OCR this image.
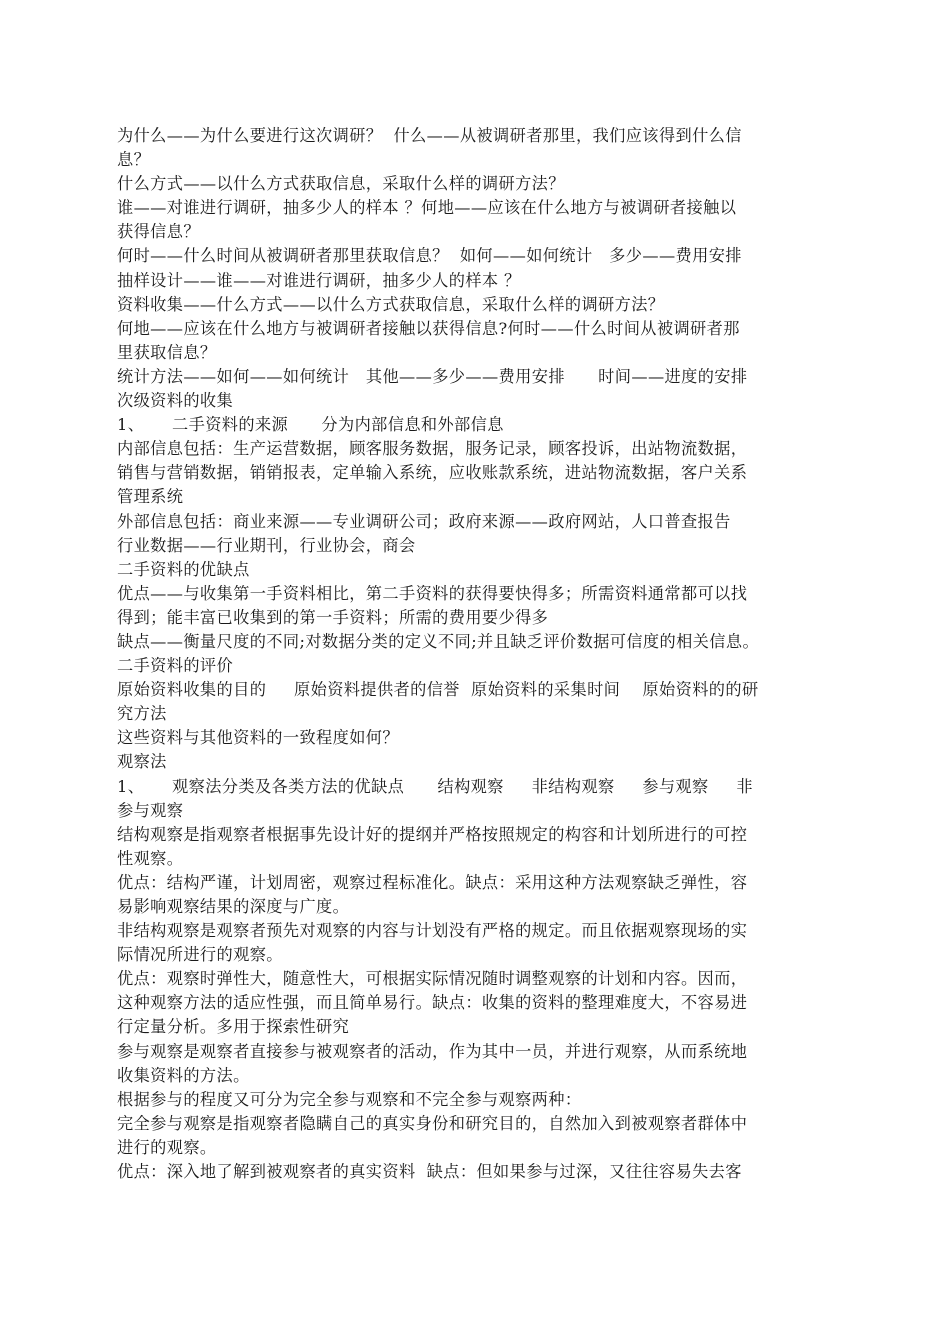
为什么——为什么要进行这次调研？  什么——从被调研者那里，我们应该得到什么信
息？
什么方式——以什么方式获取信息，采取什么样的调研方法？
谁——对谁进行调研，抽多少人的样本 ？何地——应该在什么地方与被调研者接触以
获得信息？
何时——什么时间从被调研者那里获取信息？  如何——如何统计   多少——费用安排
抽样设计——谁——对谁进行调研，抽多少人的样本 ？
资料收集——什么方式——以什么方式获取信息，采取什么样的调研方法？
何地——应该在什么地方与被调研者接触以获得信息?何时——什么时间从被调研者那
里获取信息？
统计方法——如何——如何统计   其他——多少——费用安排      时间——进度的安排
次级资料的收集
1、     二手资料的来源      分为内部信息和外部信息
内部信息包括：生产运营数据，顾客服务数据，服务记录，顾客投诉，出站物流数据，
销售与营销数据，销销报表，定单输入系统，应收账款系统，进站物流数据，客户关系
管理系统
外部信息包括：商业来源——专业调研公司；政府来源——政府网站，人口普查报告
行业数据——行业期刊，行业协会，商会
二手资料的优缺点
优点——与收集第一手资料相比，第二手资料的获得要快得多；所需资料通常都可以找
得到；能丰富已收集到的第一手资料；所需的费用要少得多
缺点——衡量尺度的不同;对数据分类的定义不同;并且缺乏评价数据可信度的相关信息。
二手资料的评价
原始资料收集的目的     原始资料提供者的信誉  原始资料的采集时间    原始资料的的研
究方法
这些资料与其他资料的一致程度如何？
观察法
1、     观察法分类及各类方法的优缺点      结构观察     非结构观察     参与观察     非
参与观察
结构观察是指观察者根据事先设计好的提纲并严格按照规定的构容和计划所进行的可控
性观察。
优点：结构严谨，计划周密，观察过程标准化。缺点：采用这种方法观察缺乏弹性，容
易影响观察结果的深度与广度。
非结构观察是观察者预先对观察的内容与计划没有严格的规定。而且依据观察现场的实
际情况所进行的观察。
优点：观察时弹性大，随意性大，可根据实际情况随时调整观察的计划和内容。因而，
这种观察方法的适应性强，而且简单易行。缺点：收集的资料的整理难度大，不容易进
行定量分析。多用于探索性研究
参与观察是观察者直接参与被观察者的活动，作为其中一员，并进行观察，从而系统地
收集资料的方法。
根据参与的程度又可分为完全参与观察和不完全参与观察两种：
完全参与观察是指观察者隐瞒自己的真实身份和研究目的，自然加入到被观察者群体中
进行的观察。
优点：深入地了解到被观察者的真实资料  缺点：但如果参与过深，又往往容易失去客
